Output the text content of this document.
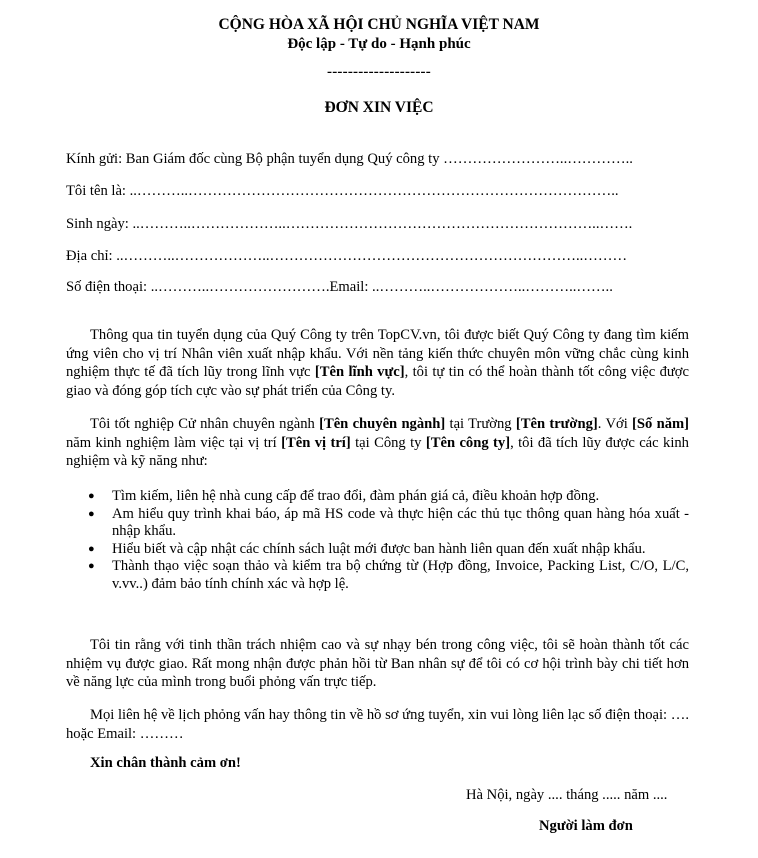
CỘNG HÒA XÃ HỘI CHỦ NGHĨA VIỆT NAM
Độc lập - Tự do - Hạnh phúc
--------------------
ĐƠN XIN VIỆC
Kính gửi: Ban Giám đốc cùng Bộ phận tuyển dụng Quý công ty ……………………..…………..
Tôi tên là: ..………..……………………………………………………………………………..
Sinh ngày: ..………..………………..………………………………………………………..…….
Địa chỉ: ..………..………………..………………………………………………………..………
Số điện thoại: ..………..…………………….Email: ..………..………………..………..……..

Thông qua tin tuyển dụng của Quý Công ty trên TopCV.vn, tôi được biết Quý Công ty đang tìm kiếm ứng viên cho vị trí Nhân viên xuất nhập khẩu. Với nền tảng kiến thức chuyên môn vững chắc cùng kinh nghiệm thực tế đã tích lũy trong lĩnh vực [Tên lĩnh vực], tôi tự tin có thể hoàn thành tốt công việc được giao và đóng góp tích cực vào sự phát triển của Công ty.

Tôi tốt nghiệp Cử nhân chuyên ngành [Tên chuyên ngành] tại Trường [Tên trường]. Với [Số năm] năm kinh nghiệm làm việc tại vị trí [Tên vị trí] tại Công ty [Tên công ty], tôi đã tích lũy được các kinh nghiệm và kỹ năng như:

● Tìm kiếm, liên hệ nhà cung cấp để trao đổi, đàm phán giá cả, điều khoản hợp đồng.
● Am hiểu quy trình khai báo, áp mã HS code và thực hiện các thủ tục thông quan hàng hóa xuất - nhập khẩu.
● Hiểu biết và cập nhật các chính sách luật mới được ban hành liên quan đến xuất nhập khẩu.
● Thành thạo việc soạn thảo và kiểm tra bộ chứng từ (Hợp đồng, Invoice, Packing List, C/O, L/C, v.vv..) đảm bảo tính chính xác và hợp lệ.

Tôi tin rằng với tinh thần trách nhiệm cao và sự nhạy bén trong công việc, tôi sẽ hoàn thành tốt các nhiệm vụ được giao. Rất mong nhận được phản hồi từ Ban nhân sự để tôi có cơ hội trình bày chi tiết hơn về năng lực của mình trong buổi phỏng vấn trực tiếp.

Mọi liên hệ về lịch phỏng vấn hay thông tin về hồ sơ ứng tuyển, xin vui lòng liên lạc số điện thoại: …. hoặc Email: ………

Xin chân thành cảm ơn!
Hà Nội, ngày .... tháng ..... năm ....
Người làm đơn
